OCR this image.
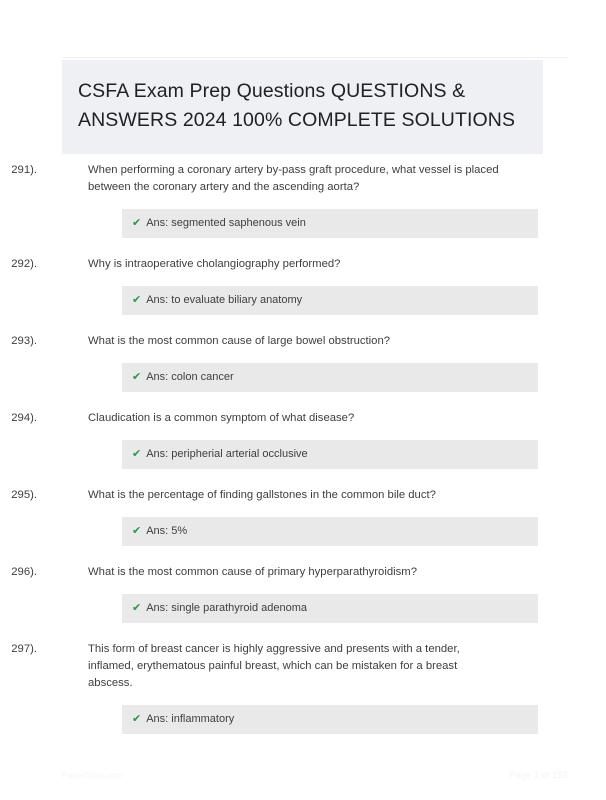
CSFA Exam Prep Questions QUESTIONS & ANSWERS 2024 100% COMPLETE SOLUTIONS
291).	When performing a coronary artery by-pass graft procedure, what vessel is placed between the coronary artery and the ascending aorta?

✔ Ans: segmented saphenous vein
292).	Why is intraoperative cholangiography performed?

✔ Ans: to evaluate biliary anatomy
293).	What is the most common cause of large bowel obstruction?

✔ Ans: colon cancer
294).	Claudication is a common symptom of what disease?

✔ Ans: peripherial arterial occlusive
295).	What is the percentage of finding gallstones in the common bile duct?

✔ Ans: 5%
296).	What is the most common cause of primary hyperparathyroidism?

✔ Ans: single parathyroid adenoma
297).	This form of breast cancer is highly aggressive and presents with a tender, inflamed, erythematous painful breast, which can be mistaken for a breast abscess.

✔ Ans: inflammatory
PaperStoc.com	Page 1 of 152
